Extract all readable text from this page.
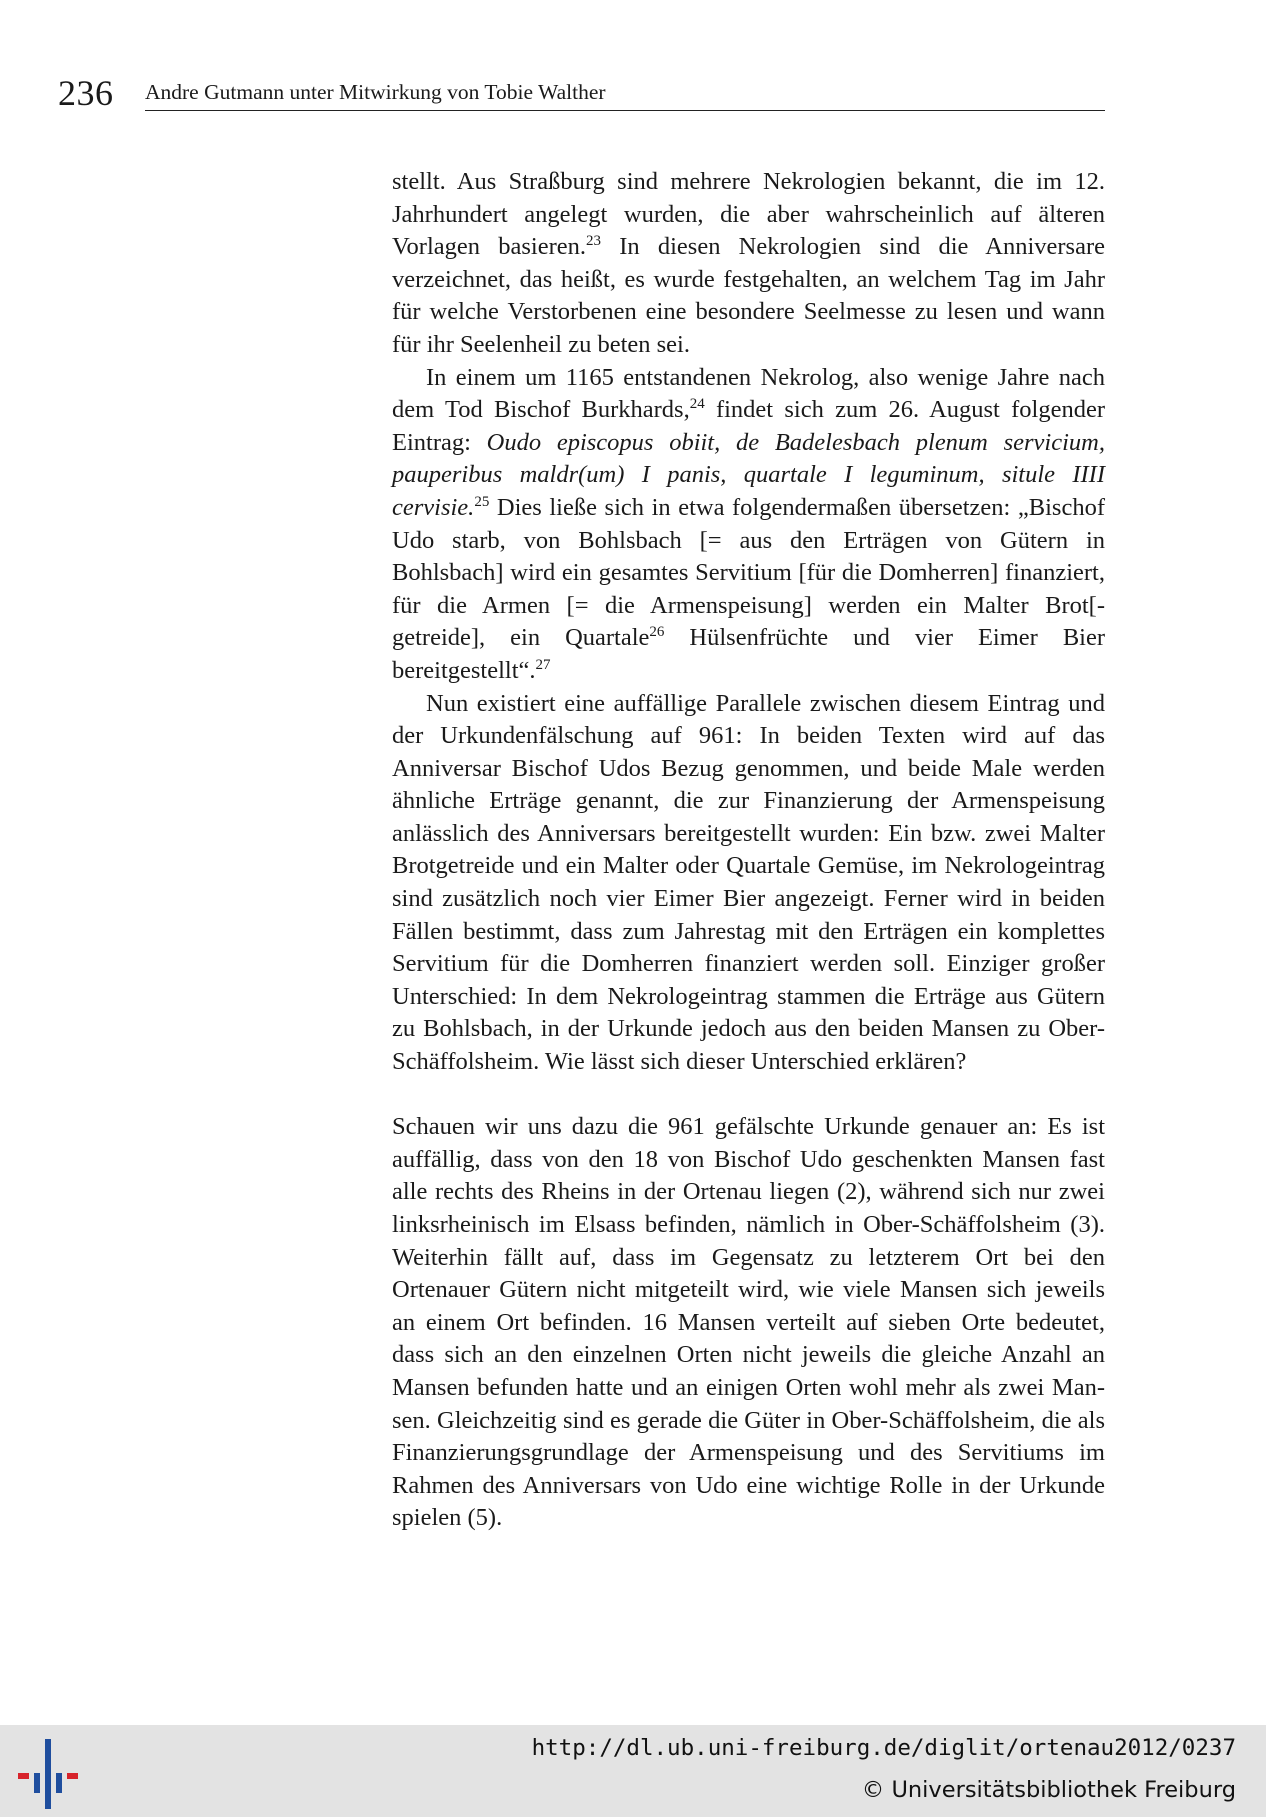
236 Andre Gutmann unter Mitwirkung von Tobie Walther

stellt. Aus Straßburg sind mehrere Nekrologien bekannt, die im 12. Jahrhundert angelegt wurden, die aber wahrscheinlich auf älteren Vorlagen basieren.$^{23}$ In diesen Nekrologien sind die Anniversare verzeichnet, das heißt, es wurde festgehalten, an welchem Tag im Jahr für welche Verstorbenen eine besondere Seelmesse zu lesen und wann für ihr Seelenheil zu beten sei.

In einem um 1165 entstandenen Nekrolog, also wenige Jahre nach dem Tod Bischof Burkhards,$^{24}$ findet sich zum 26. August folgender Eintrag: Oudo episcopus obiit, de Badelesbach plenum servicium, pauperibus maldr(um) I panis, quartale I leguminum, situle IIII cervisie.$^{25}$ Dies ließe sich in etwa folgendermaßen übersetzen: „Bischof Udo starb, von Bohlsbach [= aus den Erträgen von Gütern in Bohlsbach] wird ein gesamtes Servitium [für die Domherren] finanziert, für die Armen [= die Armenspeisung] werden ein Malter Brot[-getreide], ein Quartale$^{26}$ Hülsenfrüchte und vier Eimer Bier bereitgestellt“.$^{27}$

Nun existiert eine auffällige Parallele zwischen diesem Eintrag und der Urkundenfälschung auf 961: In beiden Texten wird auf das Anniversar Bischof Udos Bezug genommen, und beide Male werden ähnliche Erträge genannt, die zur Finanzierung der Armenspeisung anlässlich des Anniversars bereitgestellt wurden: Ein bzw. zwei Malter Brotgetreide und ein Malter oder Quartale Gemüse, im Nekrologeintrag sind zusätzlich noch vier Eimer Bier angezeigt. Ferner wird in beiden Fällen bestimmt, dass zum Jahrestag mit den Erträgen ein komplettes Servitium für die Domherren finanziert werden soll. Einziger großer Unterschied: In dem Nekrologeintrag stammen die Erträge aus Gütern zu Bohlsbach, in der Urkunde jedoch aus den beiden Mansen zu Ober-Schäffolsheim. Wie lässt sich dieser Unterschied erklären?

Schauen wir uns dazu die 961 gefälschte Urkunde genauer an: Es ist auffällig, dass von den 18 von Bischof Udo geschenkten Mansen fast alle rechts des Rheins in der Ortenau liegen (2), während sich nur zwei linksrheinisch im Elsass befinden, nämlich in Ober-Schäffolsheim (3). Weiterhin fällt auf, dass im Gegensatz zu letzterem Ort bei den Ortenauer Gütern nicht mitgeteilt wird, wie viele Mansen sich jeweils an einem Ort befinden. 16 Mansen verteilt auf sieben Orte bedeutet, dass sich an den einzelnen Orten nicht jeweils die gleiche Anzahl an Mansen befunden hatte und an einigen Orten wohl mehr als zwei Mansen. Gleichzeitig sind es gerade die Güter in Ober-Schäffolsheim, die als Finanzierungsgrundlage der Armenspeisung und des Servitiums im Rahmen des Anniversars von Udo eine wichtige Rolle in der Urkunde spielen (5).

http://dl.ub.uni-freiburg.de/diglit/ortenau2012/0237
© Universitätsbibliothek Freiburg
